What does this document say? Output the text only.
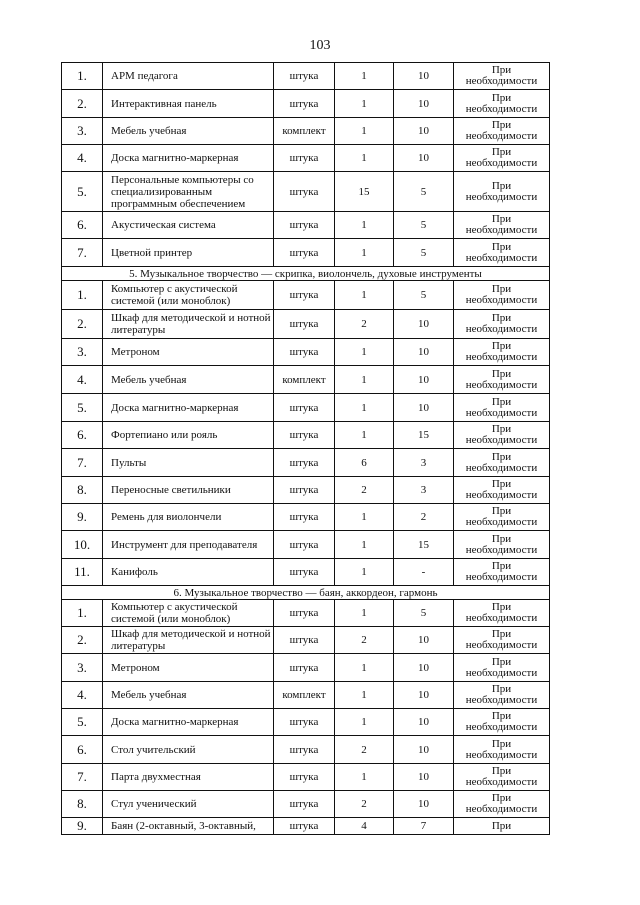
103
1.	АРМ педагога	штука	1	10	При необходимости
2.	Интерактивная панель	штука	1	10	При необходимости
3.	Мебель учебная	комплект	1	10	При необходимости
4.	Доска магнитно-маркерная	штука	1	10	При необходимости
5.	Персональные компьютеры со специализированным программным обеспечением	штука	15	5	При необходимости
6.	Акустическая система	штука	1	5	При необходимости
7.	Цветной принтер	штука	1	5	При необходимости
5. Музыкальное творчество — скрипка, виолончель, духовые инструменты					
1.	Компьютер с акустической системой (или моноблок)	штука	1	5	При необходимости
2.	Шкаф для методической и нотной литературы	штука	2	10	При необходимости
3.	Метроном	штука	1	10	При необходимости
4.	Мебель учебная	комплект	1	10	При необходимости
5.	Доска магнитно-маркерная	штука	1	10	При необходимости
6.	Фортепиано или рояль	штука	1	15	При необходимости
7.	Пульты	штука	6	3	При необходимости
8.	Переносные светильники	штука	2	3	При необходимости
9.	Ремень для виолончели	штука	1	2	При необходимости
10.	Инструмент для преподавателя	штука	1	15	При необходимости
11.	Канифоль	штука	1	-	При необходимости
6. Музыкальное творчество — баян, аккордеон, гармонь					
1.	Компьютер с акустической системой (или моноблок)	штука	1	5	При необходимости
2.	Шкаф для методической и нотной литературы	штука	2	10	При необходимости
3.	Метроном	штука	1	10	При необходимости
4.	Мебель учебная	комплект	1	10	При необходимости
5.	Доска магнитно-маркерная	штука	1	10	При необходимости
6.	Стол учительский	штука	2	10	При необходимости
7.	Парта двухместная	штука	1	10	При необходимости
8.	Стул ученический	штука	2	10	При необходимости
9.	Баян (2-октавный, 3-октавный,	штука	4	7	При
